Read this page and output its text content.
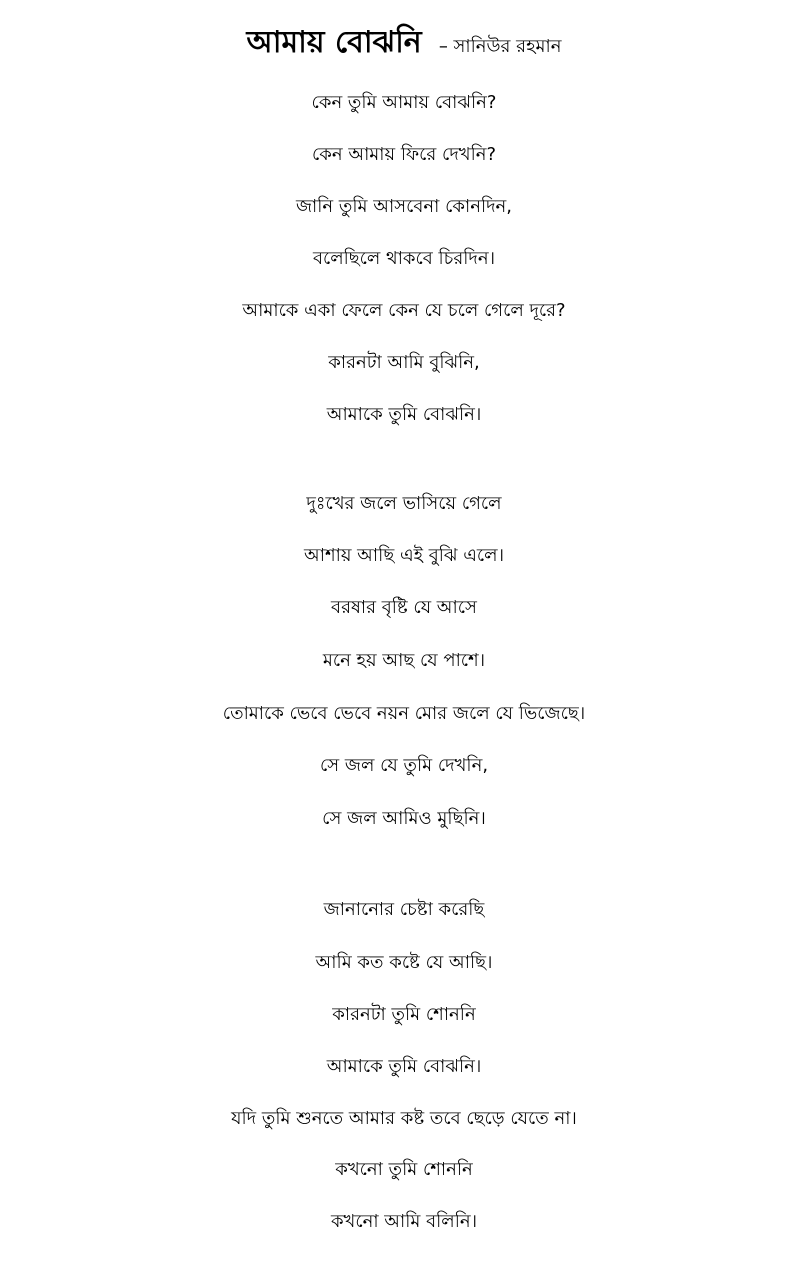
আমায় বোঝনি – সানিউর রহমান
কেন তুমি আমায় বোঝনি?
কেন আমায় ফিরে দেখনি?
জানি তুমি আসবেনা কোনদিন,
বলেছিলে থাকবে চিরদিন।
আমাকে একা ফেলে কেন যে চলে গেলে দূরে?
কারনটা আমি বুঝিনি,
আমাকে তুমি বোঝনি।
দুঃখের জলে ভাসিয়ে গেলে
আশায় আছি এই বুঝি এলে।
বরষার বৃষ্টি যে আসে
মনে হয় আছ যে পাশে।
তোমাকে ভেবে ভেবে নয়ন মোর জলে যে ভিজেছে।
সে জল যে তুমি দেখনি,
সে জল আমিও মুছিনি।
জানানোর চেষ্টা করেছি
আমি কত কষ্টে যে আছি।
কারনটা তুমি শোননি
আমাকে তুমি বোঝনি।
যদি তুমি শুনতে আমার কষ্ট তবে ছেড়ে যেতে না।
কখনো তুমি শোননি
কখনো আমি বলিনি।
